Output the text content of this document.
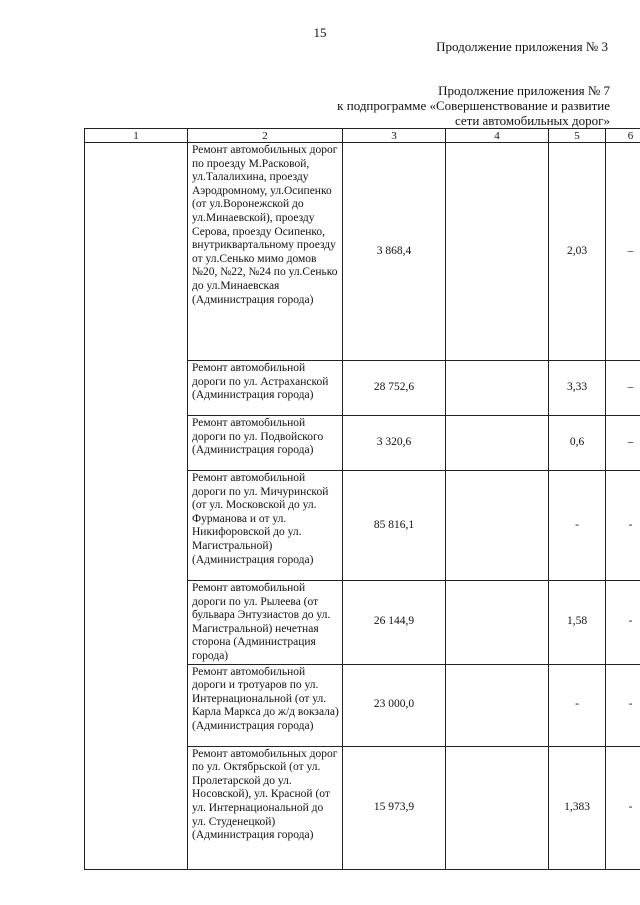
15
Продолжение приложения № 3
Продолжение приложения № 7
к подпрограмме «Совершенствование и развитие
сети автомобильных дорог»
1	2	3	4	5	6
	Ремонт автомобильных дорог по проезду М.Расковой, ул.Талалихина, проезду Аэродромному, ул.Осипенко (от ул.Воронежской до ул.Минаевской), проезду Серова, проезду Осипенко, внутриквартальному проезду от ул.Сенько мимо домов №20, №22, №24 по ул.Сенько до ул.Минаевская (Администрация города)	3 868,4		2,03	–
	Ремонт автомобильной дороги по ул. Астраханской (Администрация города)	28 752,6		3,33	–
	Ремонт автомобильной дороги по ул. Подвойского (Администрация города)	3 320,6		0,6	–
	Ремонт автомобильной дороги по ул. Мичуринской (от ул. Московской до ул. Фурманова и от ул. Никифоровской до ул. Магистральной) (Администрация города)	85 816,1		-	-
	Ремонт автомобильной дороги по ул. Рылеева (от бульвара Энтузиастов до ул. Магистральной) нечетная сторона (Администрация города)	26 144,9		1,58	-
	Ремонт автомобильной дороги и тротуаров по ул. Интернациональной (от ул. Карла Маркса до ж/д вокзала) (Администрация города)	23 000,0		-	-
	Ремонт автомобильных дорог по ул. Октябрьской (от ул. Пролетарской до ул. Носовской), ул. Красной (от ул. Интернациональной до ул. Студенецкой) (Администрация города)	15 973,9		1,383	-
